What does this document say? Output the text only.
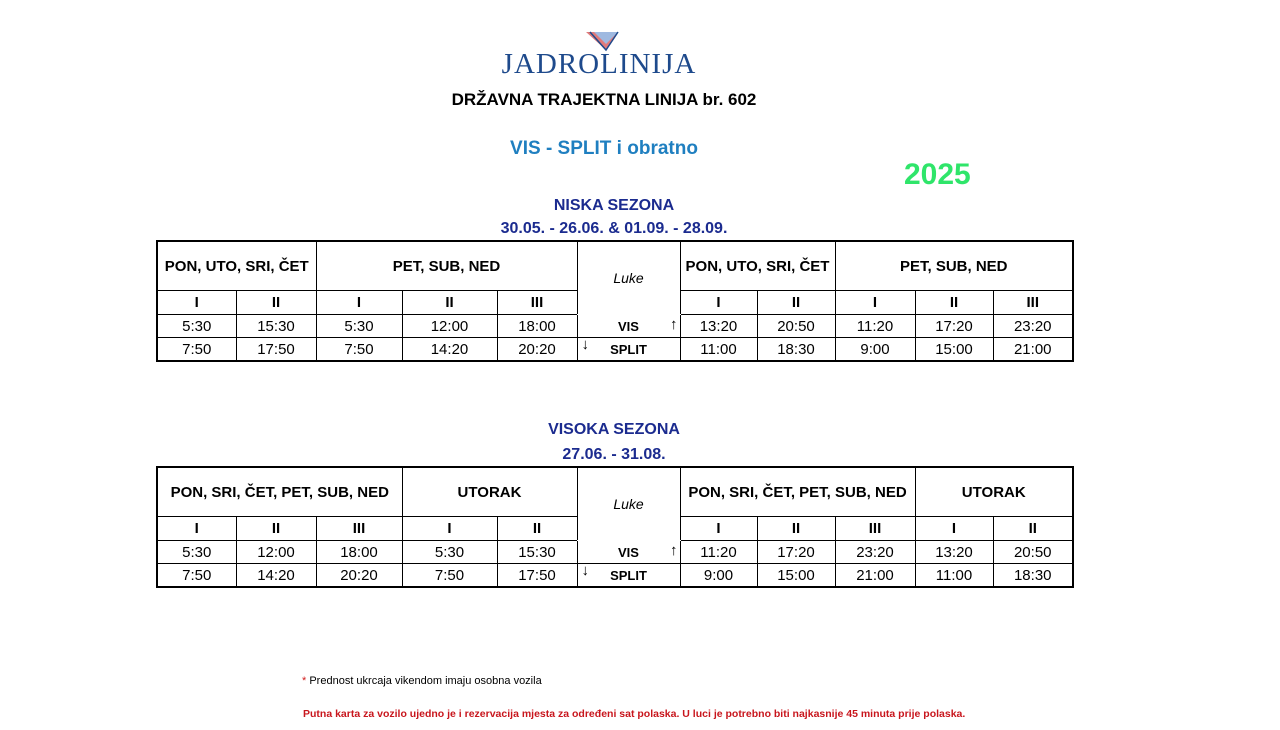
JADROLINIJA
DRŽAVNA TRAJEKTNA LINIJA br. 602
VIS - SPLIT i obratno
2025
NISKA SEZONA
30.05. - 26.06. & 01.09. - 28.09.
PON, UTO, SRI, ČET		PET, SUB, NED			Luke	PON, UTO, SRI, ČET		PET, SUB, NED		
I	II	I	II	III		I	II	I	II	III
5:30	15:30	5:30	12:00	18:00	VIS ↑	13:20	20:50	11:20	17:20	23:20
7:50	17:50	7:50	14:20	20:20	↓ SPLIT	11:00	18:30	9:00	15:00	21:00
VISOKA SEZONA
27.06. - 31.08.
PON, SRI, ČET, PET, SUB, NED			UTORAK		Luke	PON, SRI, ČET, PET, SUB, NED			UTORAK	
I	II	III	I	II		I	II	III	I	II
5:30	12:00	18:00	5:30	15:30	VIS ↑	11:20	17:20	23:20	13:20	20:50
7:50	14:20	20:20	7:50	17:50	↓ SPLIT	9:00	15:00	21:00	11:00	18:30
* Prednost ukrcaja vikendom imaju osobna vozila
Putna karta za vozilo ujedno je i rezervacija mjesta za određeni sat polaska. U luci je potrebno biti najkasnije 45 minuta prije polaska.
